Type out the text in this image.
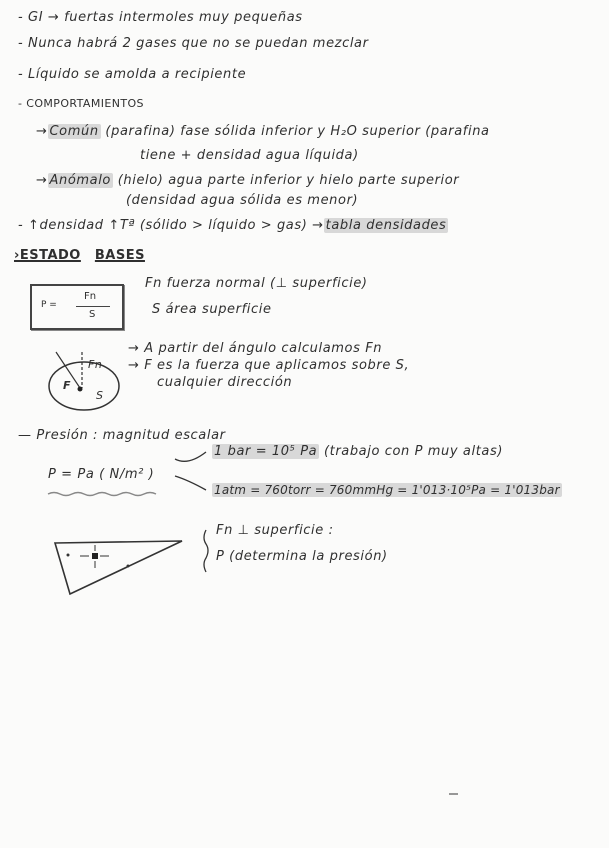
- GI → fuertas intermoles muy pequeñas
- Nunca habrá 2 gases que no se puedan mezclar
- Líquido se amolda a recipiente
- COMPORTAMIENTOS
→ Común (parafina) fase sólida inferior y H₂O superior (parafina
tiene + densidad agua líquida)
→ Anómalo (hielo) agua parte inferior y hielo parte superior
(densidad agua sólida es menor)
- ↑densidad ↑Tª (sólido > líquido > gas) → tabla densidades
›ESTADO BASES
P =
Fn
S
Fn fuerza normal (⊥ superficie)
S área superficie
Fn
F
S
→ A partir del ángulo calculamos Fn
→ F es la fuerza que aplicamos sobre S,
cualquier dirección
— Presión : magnitud escalar
P = Pa ( N/m² )
1 bar = 10⁵ Pa (trabajo con P muy altas)
1atm = 760torr = 760mmHg = 1'013·10⁵Pa = 1'013bar
Fn ⊥ superficie :
P (determina la presión)
